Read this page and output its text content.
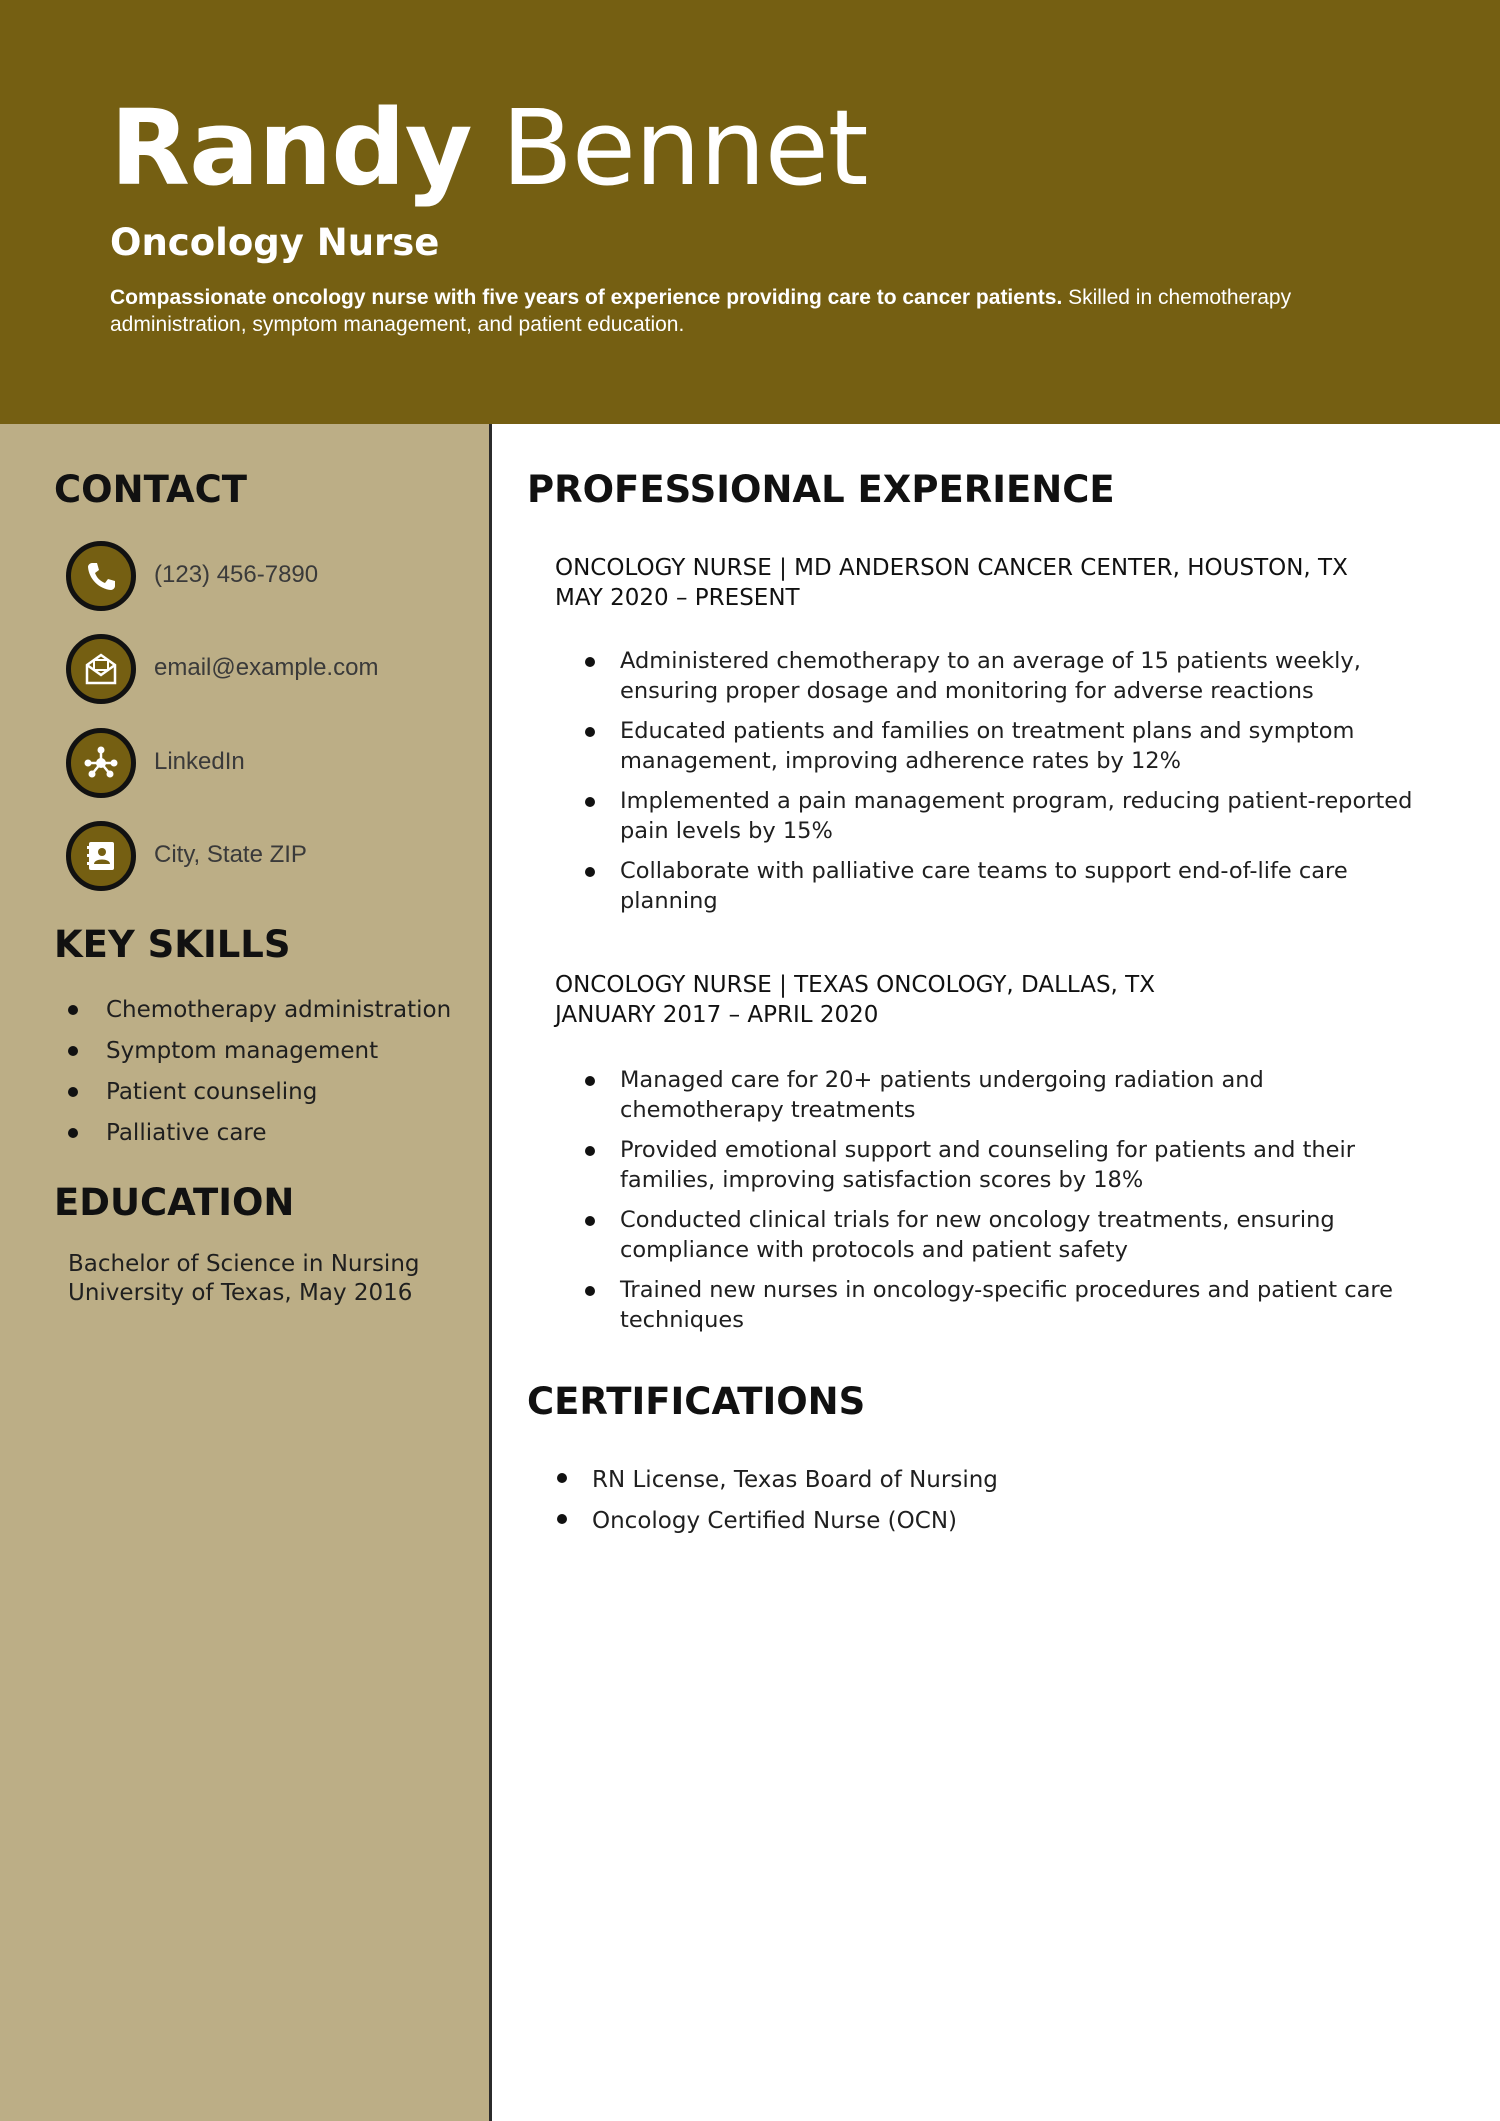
Randy Bennet
Oncology Nurse
Compassionate oncology nurse with five years of experience providing care to cancer patients. Skilled in chemotherapy administration, symptom management, and patient education.
CONTACT
(123) 456-7890
email@example.com
LinkedIn
City, State ZIP
KEY SKILLS
Chemotherapy administration
Symptom management
Patient counseling
Palliative care
EDUCATION
Bachelor of Science in Nursing
University of Texas, May 2016
PROFESSIONAL EXPERIENCE
ONCOLOGY NURSE | MD ANDERSON CANCER CENTER, HOUSTON, TX
MAY 2020 – PRESENT
Administered chemotherapy to an average of 15 patients weekly, ensuring proper dosage and monitoring for adverse reactions
Educated patients and families on treatment plans and symptom management, improving adherence rates by 12%
Implemented a pain management program, reducing patient-reported pain levels by 15%
Collaborate with palliative care teams to support end-of-life care planning
ONCOLOGY NURSE | TEXAS ONCOLOGY, DALLAS, TX
JANUARY 2017 – APRIL 2020
Managed care for 20+ patients undergoing radiation and chemotherapy treatments
Provided emotional support and counseling for patients and their families, improving satisfaction scores by 18%
Conducted clinical trials for new oncology treatments, ensuring compliance with protocols and patient safety
Trained new nurses in oncology-specific procedures and patient care techniques
CERTIFICATIONS
RN License, Texas Board of Nursing
Oncology Certified Nurse (OCN)
